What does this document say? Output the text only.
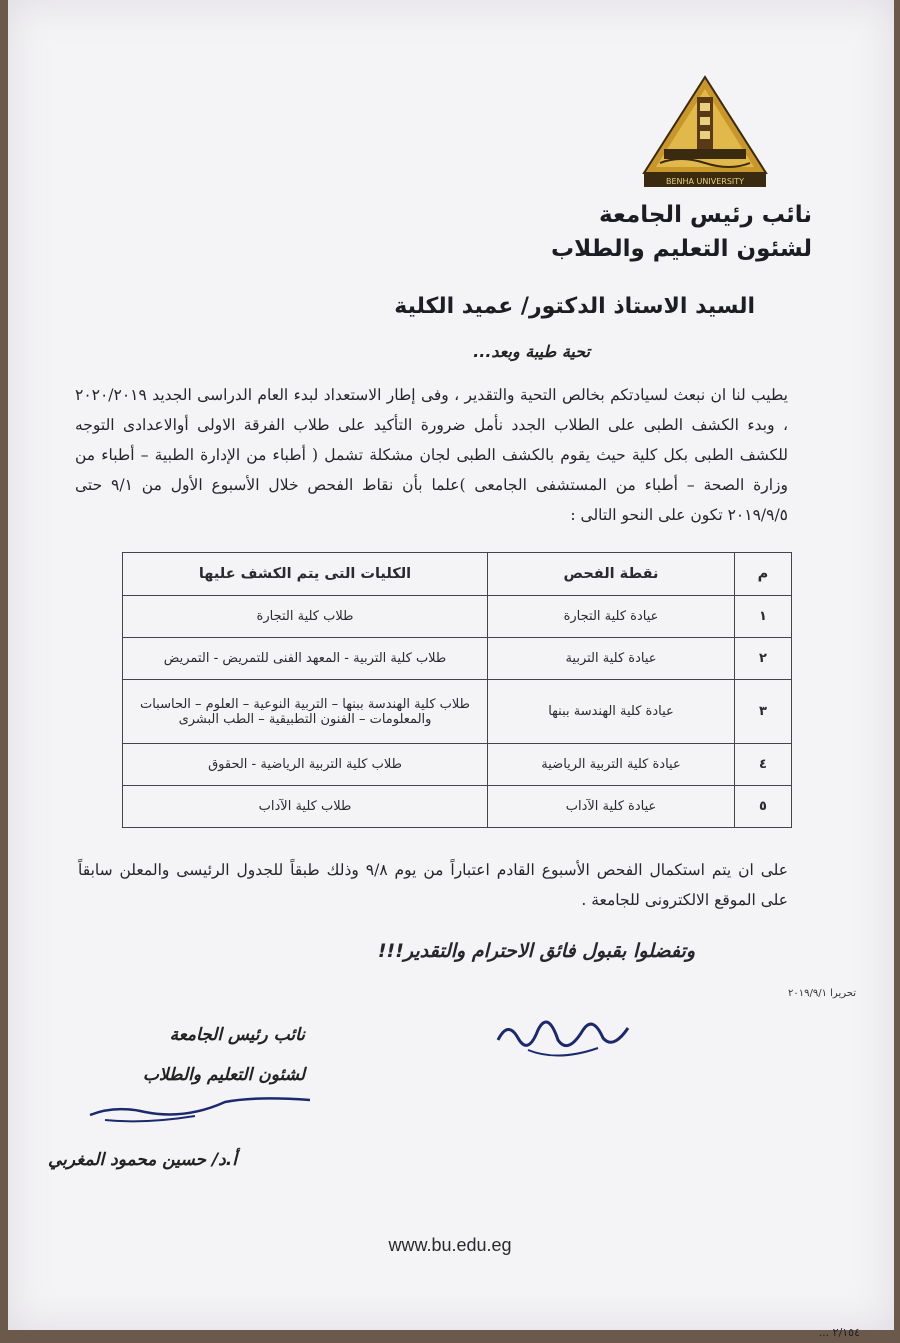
BENHA UNIVERSITY
نائب رئيس الجامعة
لشئون التعليم والطلاب
السيد الاستاذ الدكتور/ عميد الكلية
تحية طيبة وبعد...
يطيب لنا ان نبعث لسيادتكم بخالص التحية والتقدير ، وفى إطار الاستعداد لبدء العام الدراسى الجديد ٢٠٢٠/٢٠١٩ ، وبدء الكشف الطبى على الطلاب الجدد نأمل ضرورة التأكيد على طلاب الفرقة الاولى أوالاعدادى التوجه للكشف الطبى بكل كلية حيث يقوم بالكشف الطبى لجان مشكلة تشمل ( أطباء من الإدارة الطبية – أطباء من وزارة الصحة – أطباء من المستشفى الجامعى )علما بأن نقاط الفحص خلال الأسبوع الأول من ٩/١ حتى ٢٠١٩/٩/٥ تكون على النحو التالى :
م	نقطة الفحص	الكليات التى يتم الكشف عليها
١	عيادة كلية التجارة	طلاب كلية التجارة
٢	عيادة كلية التربية	طلاب كلية التربية - المعهد الفنى للتمريض - التمريض
٣	عيادة كلية الهندسة ببنها	طلاب كلية الهندسة ببنها – التربية النوعية – العلوم – الحاسبات والمعلومات – الفنون التطبيقية – الطب البشرى
٤	عيادة كلية التربية الرياضية	طلاب كلية التربية الرياضية - الحقوق
٥	عيادة كلية الآداب	طلاب كلية الآداب
على ان يتم استكمال الفحص الأسبوع القادم اعتباراً من يوم ٩/٨ وذلك طبقاً للجدول الرئيسى والمعلن سابقاً على الموقع الالكترونى للجامعة .
وتفضلوا بقبول فائق الاحترام والتقدير!!!
تحريرا ٢٠١٩/٩/١
نائب رئيس الجامعة
لشئون التعليم والطلاب
أ.د/ حسين محمود المغربي
www.bu.edu.eg
٢/١٥٤ ...
